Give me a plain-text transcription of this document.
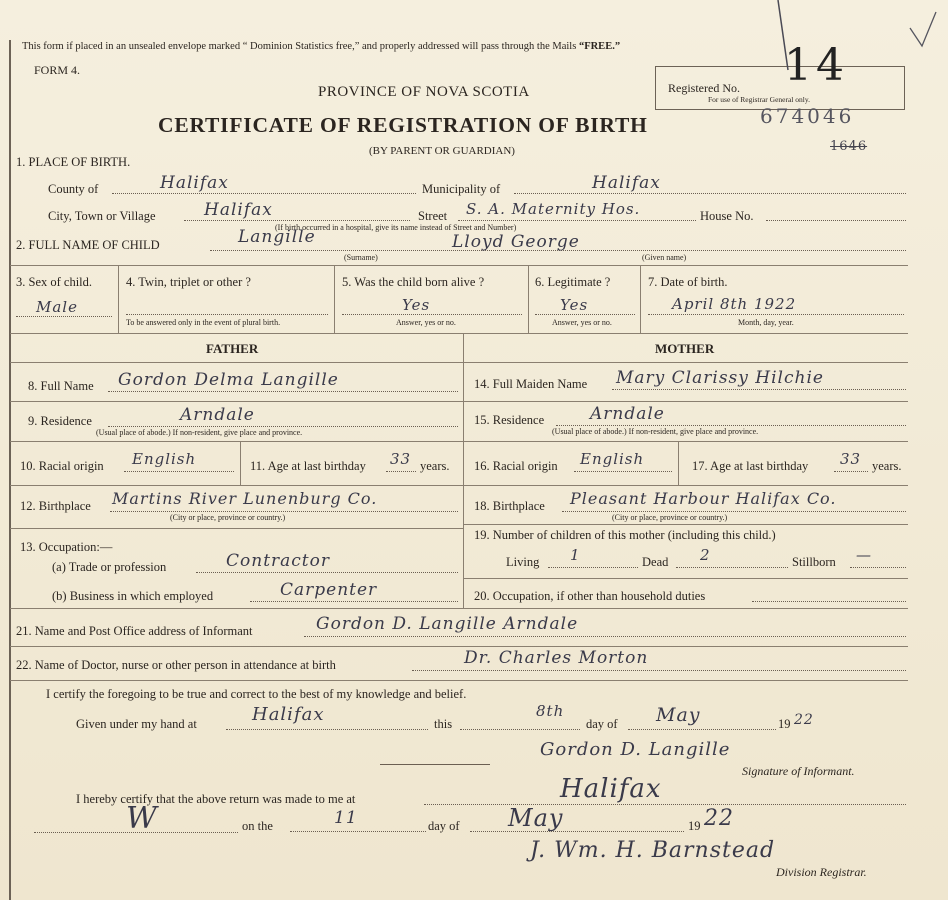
This form if placed in an unsealed envelope marked “ Dominion Statistics free,” and properly addressed will pass through the Mails “FREE.”
FORM 4.
PROVINCE OF NOVA SCOTIA
CERTIFICATE OF REGISTRATION OF BIRTH
(BY PARENT OR GUARDIAN)
Registered No.
For use of Registrar General only.
14
674046
1646
1. PLACE OF BIRTH.
County of	Halifax	Municipality of	Halifax
City, Town or Village	Halifax	Street S. A. Maternity Hos.	House No.
(If birth occurred in a hospital, give its name instead of Street and Number)
2. FULL NAME OF CHILD	Langille	Lloyd George
(Surname)	(Given name)
3. Sex of child.
Male
4. Twin, triplet or other ?
To be answered only in the event of plural birth.
5. Was the child born alive ?
Yes
Answer, yes or no.
6. Legitimate ?
Yes
Answer, yes or no.
7. Date of birth.
April 8th 1922
Month, day, year.
FATHER	MOTHER
8. Full Name Gordon Delma Langille
9. Residence	Arndale
(Usual place of abode.) If non-resident, give place and province.
10. Racial origin English	11. Age at last birthday 33 years.
12. Birthplace Martins River Lunenburg Co.
(City or place, province or country.)
13. Occupation:—
(a) Trade or profession	Contractor
(b) Business in which employed	Carpenter
14. Full Maiden Name Mary Clarissy Hilchie
15. Residence	Arndale
(Usual place of abode.) If non-resident, give place and province.
16. Racial origin English	17. Age at last birthday 33 years.
18. Birthplace Pleasant Harbour Halifax Co.
(City or place, province or country.)
19. Number of children of this mother (including this child.)
Living 1	Dead 2	Stillborn —
20. Occupation, if other than household duties
21. Name and Post Office address of Informant	Gordon D. Langille Arndale
22. Name of Doctor, nurse or other person in attendance at birth	Dr. Charles Morton
I certify the foregoing to be true and correct to the best of my knowledge and belief.
Given under my hand at	Halifax	this
8th
day of May	19 22
Gordon D. Langille
Signature of Informant.
I hereby certify that the above return was made to me at	Halifax
W	on the	11	day of May	19 22
J. Wm. H. Barnstead
Division Registrar.
